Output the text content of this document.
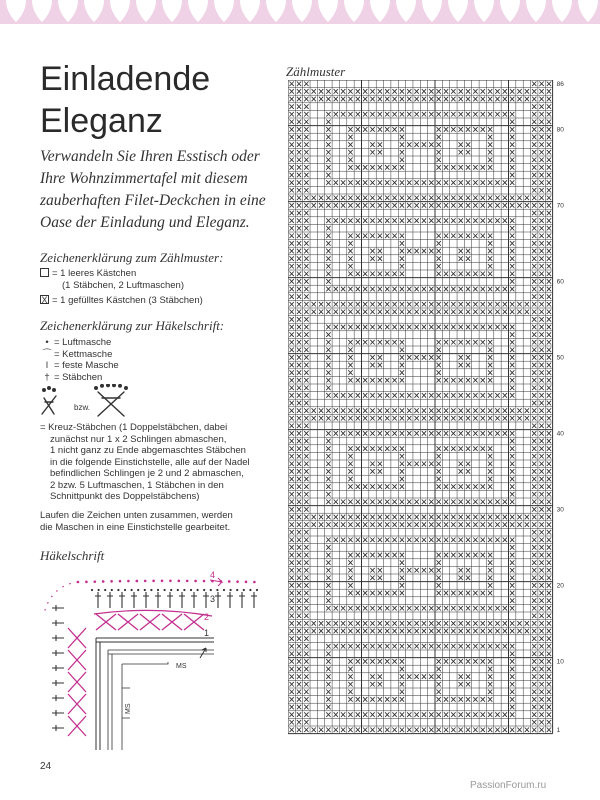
Einladende
Eleganz

Verwandeln Sie Ihren Esstisch oder Ihre Wohnzimmertafel mit diesem zauberhaften Filet-Deckchen in eine Oase der Einladung und Eleganz.

Zeichenerklärung zum Zählmuster:

= 1 leeres Kästchen
(1 Stäbchen, 2 Luftmaschen)
X = 1 gefülltes Kästchen (3 Stäbchen)

Zeichenerklärung zur Häkelschrift:

• = Luftmasche
⌒ = Kettmasche
ǀ = feste Masche
† = Stäbchen
bzw.
= Kreuz-Stäbchen (1 Doppelstäbchen, dabei
zunächst nur 1 x 2 Schlingen abmaschen,
1 nicht ganz zu Ende abgemaschtes Stäbchen
in die folgende Einstichstelle, alle auf der Nadel
befindlichen Schlingen je 2 und 2 abmaschen,
2 bzw. 5 Luftmaschen, 1 Stäbchen in den
Schnittpunkt des Doppelstäbchens)
Laufen die Zeichen unten zusammen, werden
die Maschen in eine Einstichstelle gearbeitet.

Häkelschrift

4
3
2
1
MS
MS
Zählmuster
86
80
70
60
50
40
30
20
10
1
24
PassionForum.ru
